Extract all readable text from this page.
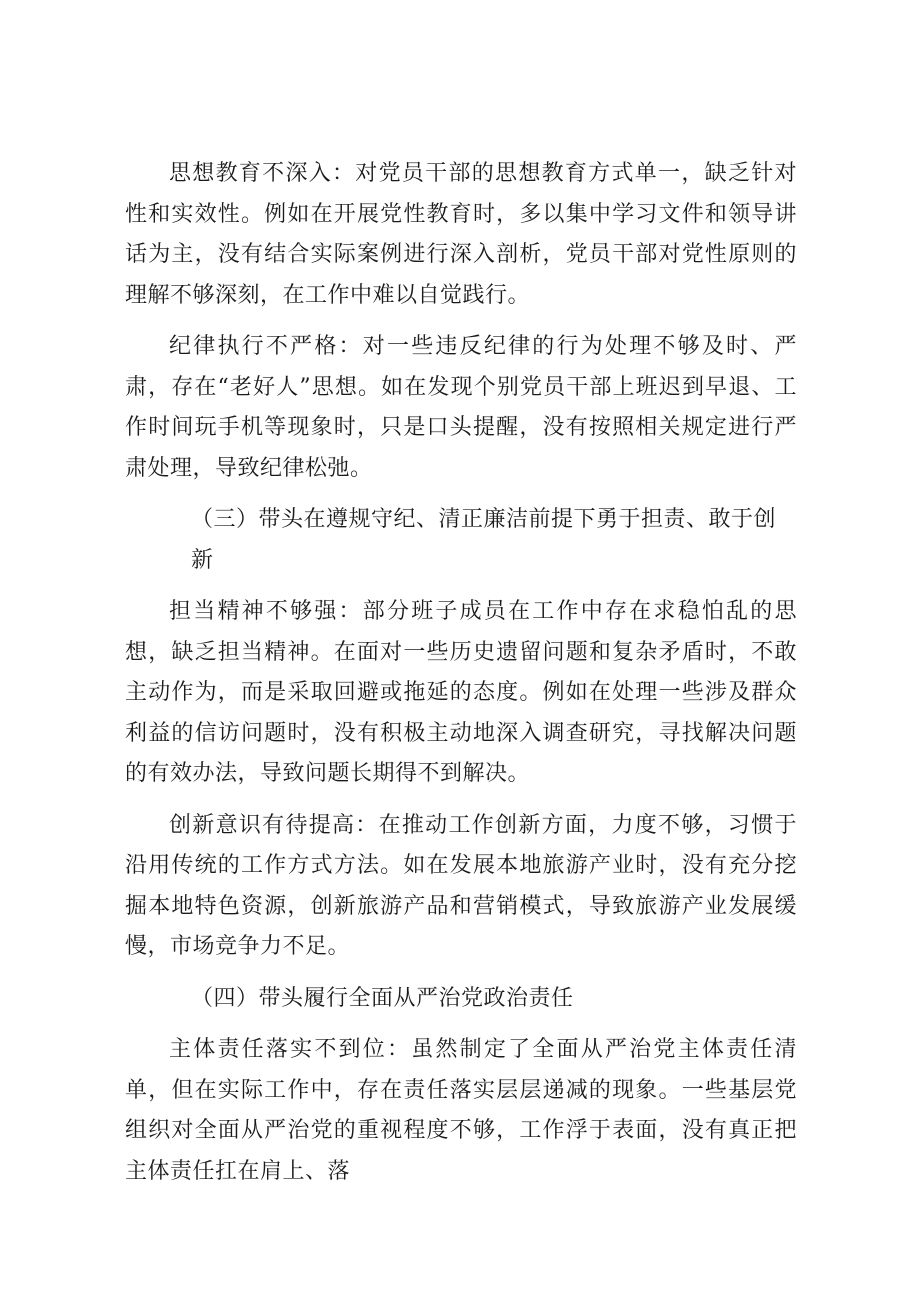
思想教育不深入：对党员干部的思想教育方式单一，缺乏针对性和实效性。例如在开展党性教育时，多以集中学习文件和领导讲话为主，没有结合实际案例进行深入剖析，党员干部对党性原则的理解不够深刻，在工作中难以自觉践行。

纪律执行不严格：对一些违反纪律的行为处理不够及时、严肃，存在“老好人”思想。如在发现个别党员干部上班迟到早退、工作时间玩手机等现象时，只是口头提醒，没有按照相关规定进行严肃处理，导致纪律松弛。

（三）带头在遵规守纪、清正廉洁前提下勇于担责、敢于创新

担当精神不够强：部分班子成员在工作中存在求稳怕乱的思想，缺乏担当精神。在面对一些历史遗留问题和复杂矛盾时，不敢主动作为，而是采取回避或拖延的态度。例如在处理一些涉及群众利益的信访问题时，没有积极主动地深入调查研究，寻找解决问题的有效办法，导致问题长期得不到解决。

创新意识有待提高：在推动工作创新方面，力度不够，习惯于沿用传统的工作方式方法。如在发展本地旅游产业时，没有充分挖掘本地特色资源，创新旅游产品和营销模式，导致旅游产业发展缓慢，市场竞争力不足。

（四）带头履行全面从严治党政治责任

主体责任落实不到位：虽然制定了全面从严治党主体责任清单，但在实际工作中，存在责任落实层层递减的现象。一些基层党组织对全面从严治党的重视程度不够，工作浮于表面，没有真正把主体责任扛在肩上、落
